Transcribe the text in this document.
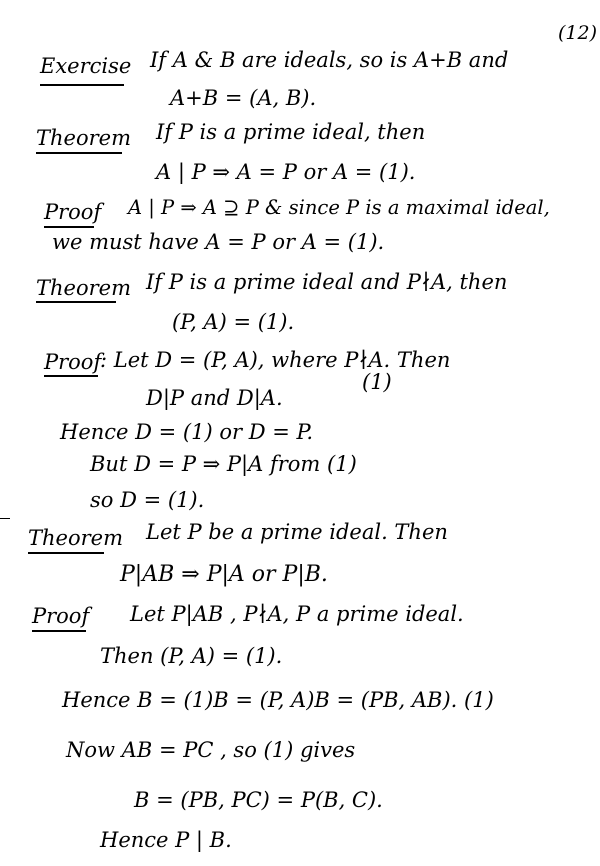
(12)
Exercise If A & B are ideals, so is A+B and
A+B = (A, B).
Theorem If P is a prime ideal, then
A | P ⇒ A = P or A = (1).
Proof A | P ⇒ A ⊇ P & since P is a maximal ideal,
we must have A = P or A = (1).
Theorem If P is a prime ideal and P∤A, then
(P, A) = (1).
Proof
: Let D = (P, A), where P∤A. Then
D|P and D|A.
(1)
Hence D = (1) or D = P.
But D = P ⇒ P|A from (1)
so D = (1).
Theorem Let P be a prime ideal. Then
P|AB ⇒ P|A or P|B.
Proof Let P|AB , P∤A, P a prime ideal.
Then (P, A) = (1).
Hence B = (1)B = (P, A)B = (PB, AB). (1)
Now AB = PC , so (1) gives
B = (PB, PC) = P(B, C).
Hence P | B.
